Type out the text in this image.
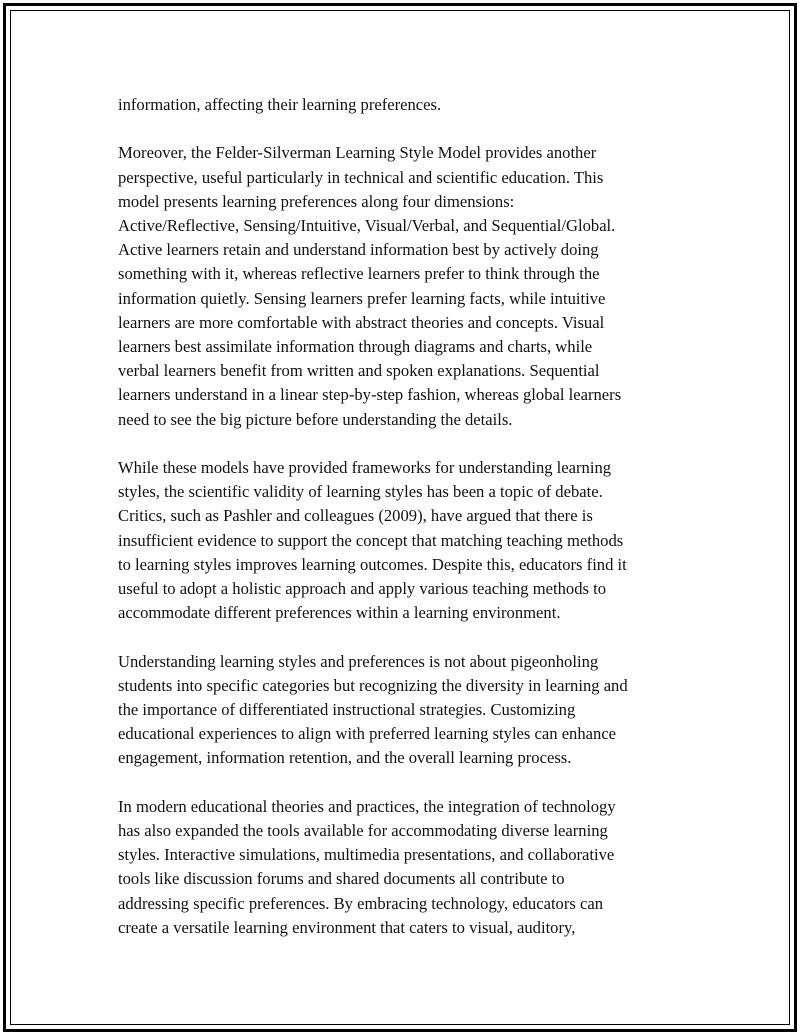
information, affecting their learning preferences.

Moreover, the Felder-Silverman Learning Style Model provides another
perspective, useful particularly in technical and scientific education. This
model presents learning preferences along four dimensions:
Active/Reflective, Sensing/Intuitive, Visual/Verbal, and Sequential/Global.
Active learners retain and understand information best by actively doing
something with it, whereas reflective learners prefer to think through the
information quietly. Sensing learners prefer learning facts, while intuitive
learners are more comfortable with abstract theories and concepts. Visual
learners best assimilate information through diagrams and charts, while
verbal learners benefit from written and spoken explanations. Sequential
learners understand in a linear step-by-step fashion, whereas global learners
need to see the big picture before understanding the details.

While these models have provided frameworks for understanding learning
styles, the scientific validity of learning styles has been a topic of debate.
Critics, such as Pashler and colleagues (2009), have argued that there is
insufficient evidence to support the concept that matching teaching methods
to learning styles improves learning outcomes. Despite this, educators find it
useful to adopt a holistic approach and apply various teaching methods to
accommodate different preferences within a learning environment.

Understanding learning styles and preferences is not about pigeonholing
students into specific categories but recognizing the diversity in learning and
the importance of differentiated instructional strategies. Customizing
educational experiences to align with preferred learning styles can enhance
engagement, information retention, and the overall learning process.

In modern educational theories and practices, the integration of technology
has also expanded the tools available for accommodating diverse learning
styles. Interactive simulations, multimedia presentations, and collaborative
tools like discussion forums and shared documents all contribute to
addressing specific preferences. By embracing technology, educators can
create a versatile learning environment that caters to visual, auditory,
